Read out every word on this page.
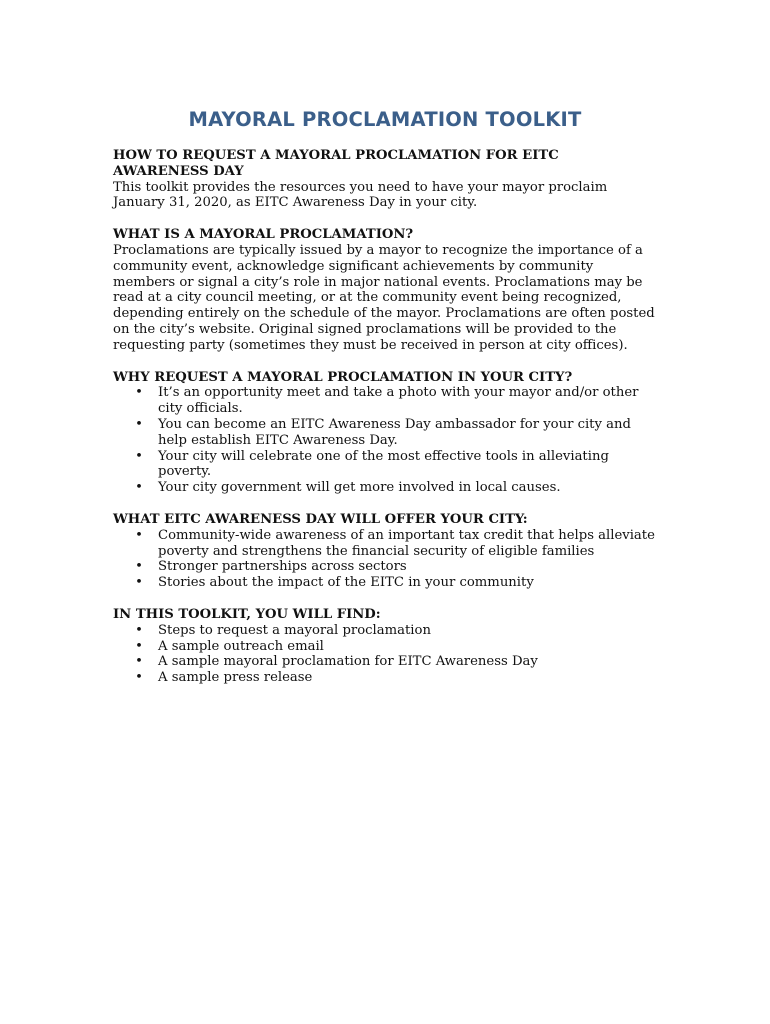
MAYORAL PROCLAMATION TOOLKIT

HOW TO REQUEST A MAYORAL PROCLAMATION FOR EITC AWARENESS DAY

This toolkit provides the resources you need to have your mayor proclaim January 31, 2020, as EITC Awareness Day in your city.

WHAT IS A MAYORAL PROCLAMATION?

Proclamations are typically issued by a mayor to recognize the importance of a community event, acknowledge significant achievements by community members or signal a city’s role in major national events. Proclamations may be read at a city council meeting, or at the community event being recognized, depending entirely on the schedule of the mayor. Proclamations are often posted on the city’s website. Original signed proclamations will be provided to the requesting party (sometimes they must be received in person at city offices).

WHY REQUEST A MAYORAL PROCLAMATION IN YOUR CITY?

• It’s an opportunity meet and take a photo with your mayor and/or other city officials.
• You can become an EITC Awareness Day ambassador for your city and help establish EITC Awareness Day.
• Your city will celebrate one of the most effective tools in alleviating poverty.
• Your city government will get more involved in local causes.

WHAT EITC AWARENESS DAY WILL OFFER YOUR CITY:

• Community-wide awareness of an important tax credit that helps alleviate poverty and strengthens the financial security of eligible families
• Stronger partnerships across sectors
• Stories about the impact of the EITC in your community

IN THIS TOOLKIT, YOU WILL FIND:

• Steps to request a mayoral proclamation
• A sample outreach email
• A sample mayoral proclamation for EITC Awareness Day
• A sample press release
